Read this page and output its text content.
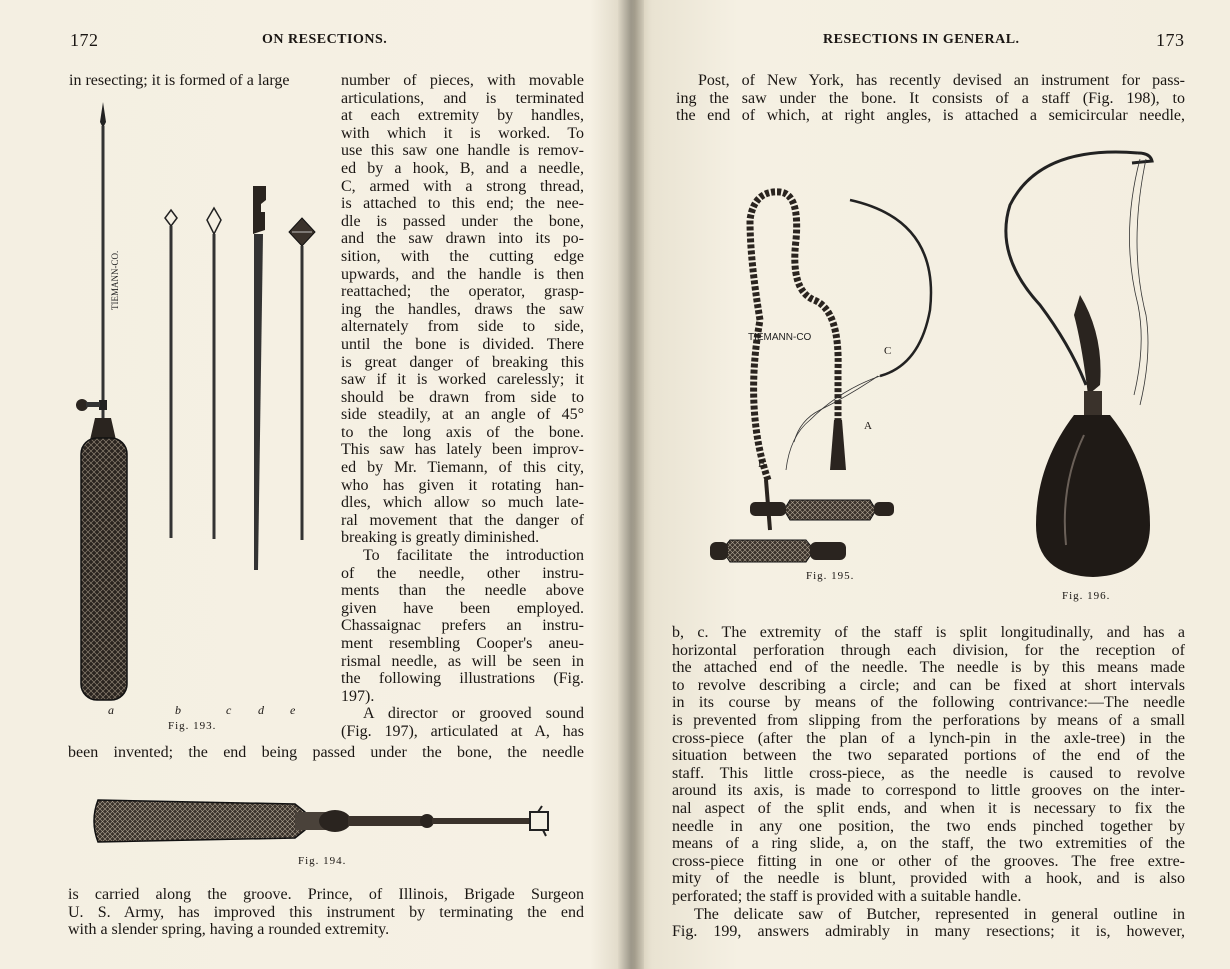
172	ON RESECTIONS.
in resecting; it is formed of a large	number of pieces, with movable
articulations, and is terminated
at each extremity by handles,
with which it is worked. To
use this saw one handle is remov-
ed by a hook, B, and a needle,
C, armed with a strong thread,
is attached to this end; the nee-
dle is passed under the bone,
and the saw drawn into its po-
sition, with the cutting edge
upwards, and the handle is then
reattached; the operator, grasp-
ing the handles, draws the saw
alternately from side to side,
until the bone is divided. There
is great danger of breaking this
saw if it is worked carelessly; it
should be drawn from side to
side steadily, at an angle of 45°
to the long axis of the bone.
This saw has lately been improv-
ed by Mr. Tiemann, of this city,
who has given it rotating han-
dles, which allow so much late-
ral movement that the danger of
breaking is greatly diminished.
To facilitate the introduction
of the needle, other instru-
ments than the needle above
given have been employed.
Chassaignac prefers an instru-
ment resembling Cooper's aneu-
rismal needle, as will be seen in
the following illustrations (Fig.
197).
A director or grooved sound
(Fig. 197), articulated at A, has
been invented; the end being passed under the bone, the needle
TIEMANN-CO.
a	b	c d e
Fig. 193.
Fig. 194.
is carried along the groove. Prince, of Illinois, Brigade Surgeon
U. S. Army, has improved this instrument by terminating the end
with a slender spring, having a rounded extremity.
RESECTIONS IN GENERAL.	173
Post, of New York, has recently devised an instrument for pass-
ing the saw under the bone. It consists of a staff (Fig. 198), to
the end of which, at right angles, is attached a semicircular needle,
TIEMANN-CO
A
B
C
Fig. 195.
Fig. 196.
b, c. The extremity of the staff is split longitudinally, and has a
horizontal perforation through each division, for the reception of
the attached end of the needle. The needle is by this means made
to revolve describing a circle; and can be fixed at short intervals
in its course by means of the following contrivance:—The needle
is prevented from slipping from the perforations by means of a small
cross-piece (after the plan of a lynch-pin in the axle-tree) in the
situation between the two separated portions of the end of the
staff. This little cross-piece, as the needle is caused to revolve
around its axis, is made to correspond to little grooves on the inter-
nal aspect of the split ends, and when it is necessary to fix the
needle in any one position, the two ends pinched together by
means of a ring slide, a, on the staff, the two extremities of the
cross-piece fitting in one or other of the grooves. The free extre-
mity of the needle is blunt, provided with a hook, and is also
perforated; the staff is provided with a suitable handle.
The delicate saw of Butcher, represented in general outline in
Fig. 199, answers admirably in many resections; it is, however,
